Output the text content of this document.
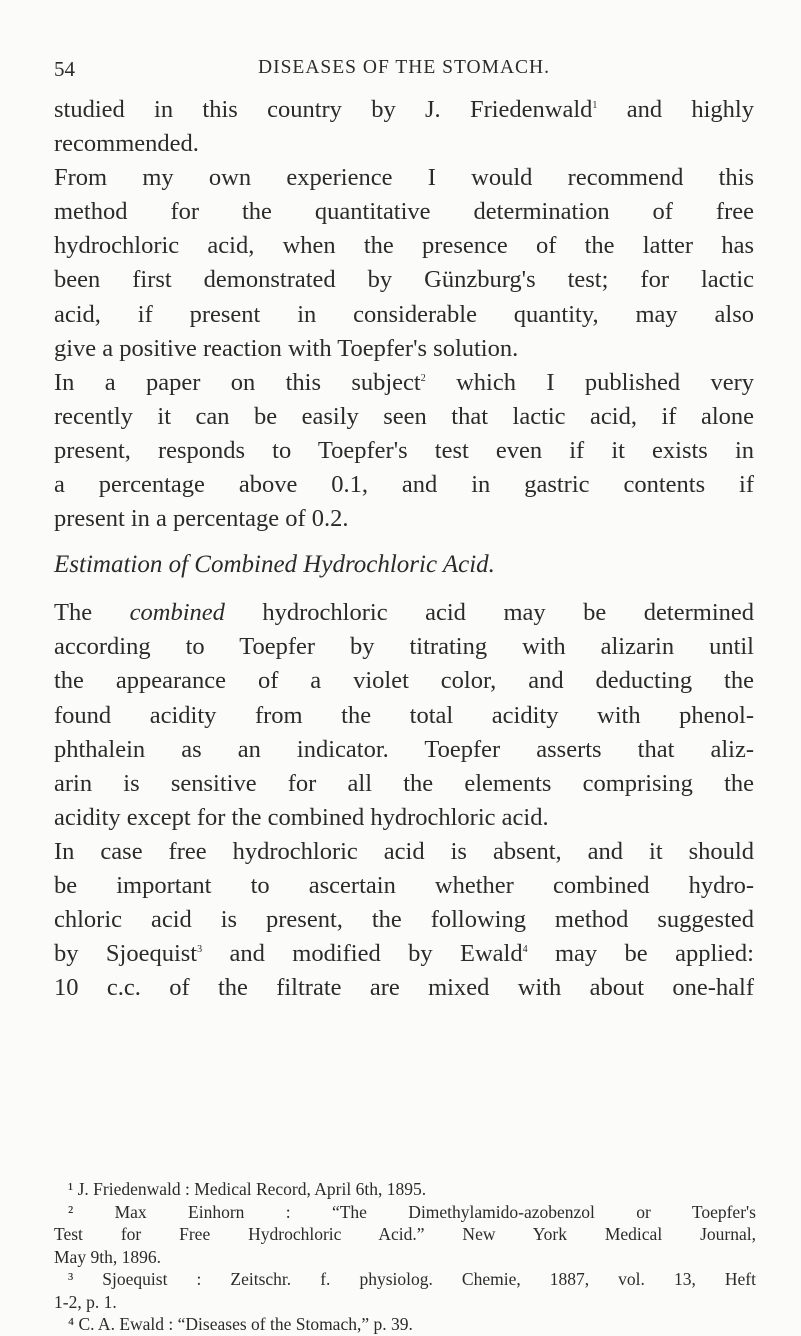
54	DISEASES OF THE STOMACH.
studied in this country by J. Friedenwald$^1$ and highly
recommended.
From my own experience I would recommend this
method for the quantitative determination of free
hydrochloric acid, when the presence of the latter has
been first demonstrated by Günzburg's test; for lactic
acid, if present in considerable quantity, may also
give a positive reaction with Toepfer's solution.
In a paper on this subject$^2$ which I published very
recently it can be easily seen that lactic acid, if alone
present, responds to Toepfer's test even if it exists in
a percentage above 0.1, and in gastric contents if
present in a percentage of 0.2.
Estimation of Combined Hydrochloric Acid.
The combined hydrochloric acid may be determined
according to Toepfer by titrating with alizarin until
the appearance of a violet color, and deducting the
found acidity from the total acidity with phenol-
phthalein as an indicator. Toepfer asserts that aliz-
arin is sensitive for all the elements comprising the
acidity except for the combined hydrochloric acid.
In case free hydrochloric acid is absent, and it should
be important to ascertain whether combined hydro-
chloric acid is present, the following method suggested
by Sjoequist$^3$ and modified by Ewald$^4$ may be applied:
10 c.c. of the filtrate are mixed with about one-half
¹ J. Friedenwald : Medical Record, April 6th, 1895.
² Max Einhorn : “The Dimethylamido-azobenzol or Toepfer's
Test for Free Hydrochloric Acid.” New York Medical Journal,
May 9th, 1896.
³ Sjoequist : Zeitschr. f. physiolog. Chemie, 1887, vol. 13, Heft
1-2, p. 1.
⁴ C. A. Ewald : “Diseases of the Stomach,” p. 39.
